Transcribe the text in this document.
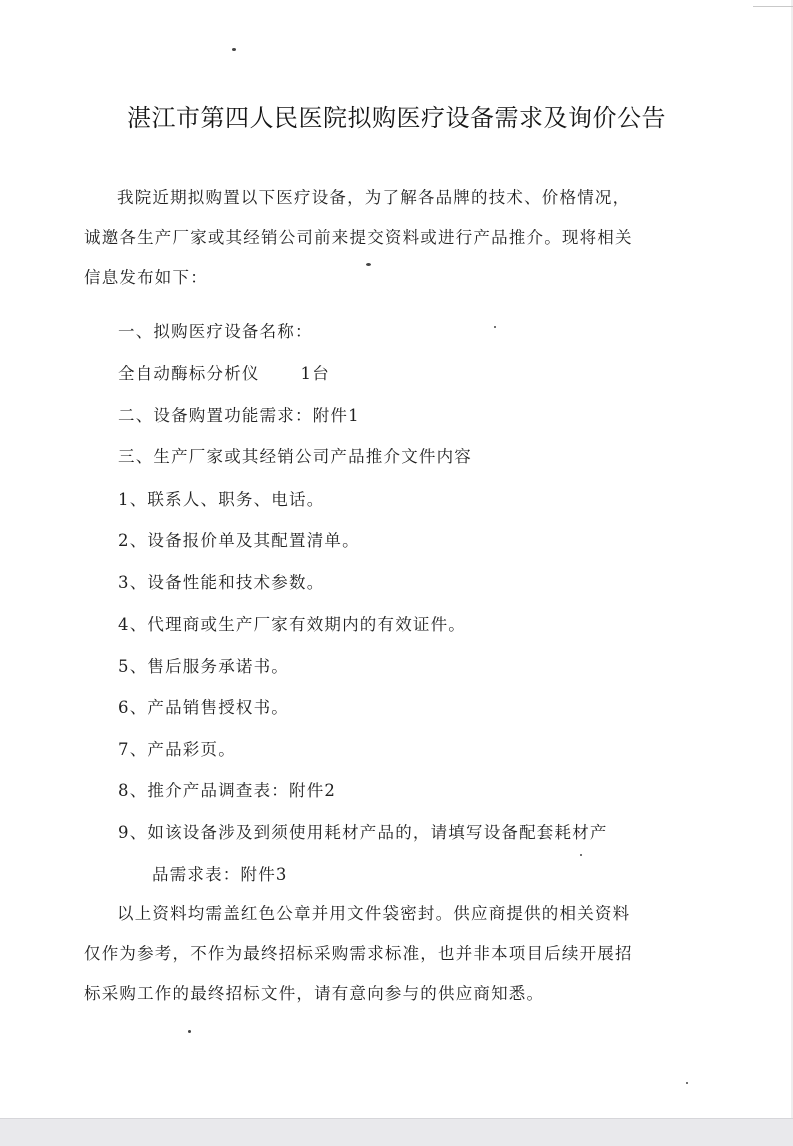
湛江市第四人民医院拟购医疗设备需求及询价公告

我院近期拟购置以下医疗设备，为了解各品牌的技术、价格情况，诚邀各生产厂家或其经销公司前来提交资料或进行产品推介。现将相关信息发布如下：

一、拟购医疗设备名称：
全自动酶标分析仪 1台
二、设备购置功能需求：附件1
三、生产厂家或其经销公司产品推介文件内容
1、联系人、职务、电话。
2、设备报价单及其配置清单。
3、设备性能和技术参数。
4、代理商或生产厂家有效期内的有效证件。
5、售后服务承诺书。
6、产品销售授权书。
7、产品彩页。
8、推介产品调查表：附件2
9、如该设备涉及到须使用耗材产品的，请填写设备配套耗材产
品需求表：附件3

以上资料均需盖红色公章并用文件袋密封。供应商提供的相关资料仅作为参考，不作为最终招标采购需求标准，也并非本项目后续开展招标采购工作的最终招标文件，请有意向参与的供应商知悉。
